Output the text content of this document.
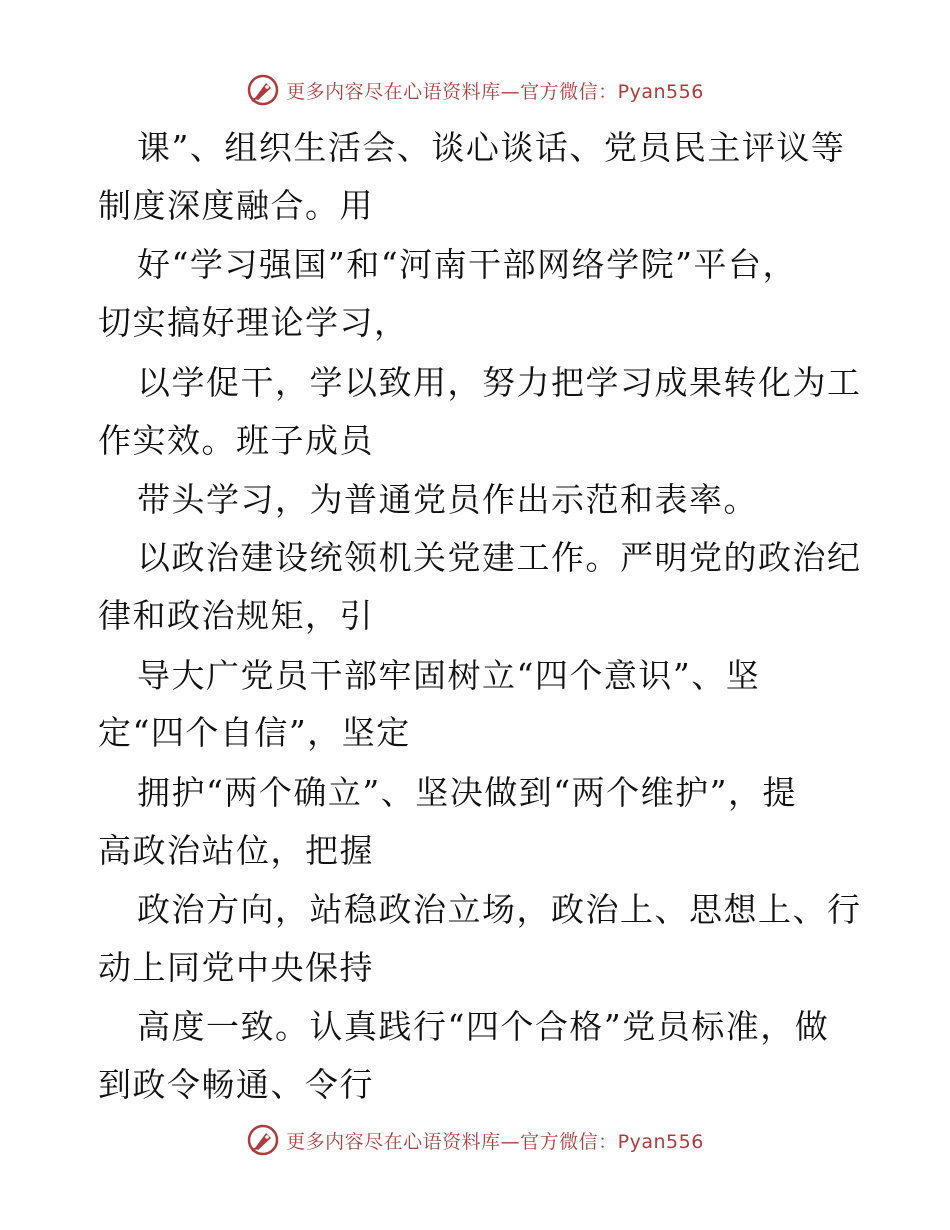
更多内容尽在心语资料库—官方微信：Pyan556
课”、组织生活会、谈心谈话、党员民主评议等
制度深度融合。用
好“学习强国”和“河南干部网络学院”平台，
切实搞好理论学习，
以学促干，学以致用，努力把学习成果转化为工
作实效。班子成员
带头学习，为普通党员作出示范和表率。
以政治建设统领机关党建工作。严明党的政治纪
律和政治规矩，引
导大广党员干部牢固树立“四个意识”、坚
定“四个自信”，坚定
拥护“两个确立”、坚决做到“两个维护”，提
高政治站位，把握
政治方向，站稳政治立场，政治上、思想上、行
动上同党中央保持
高度一致。认真践行“四个合格”党员标准，做
到政令畅通、令行
更多内容尽在心语资料库—官方微信：Pyan556
